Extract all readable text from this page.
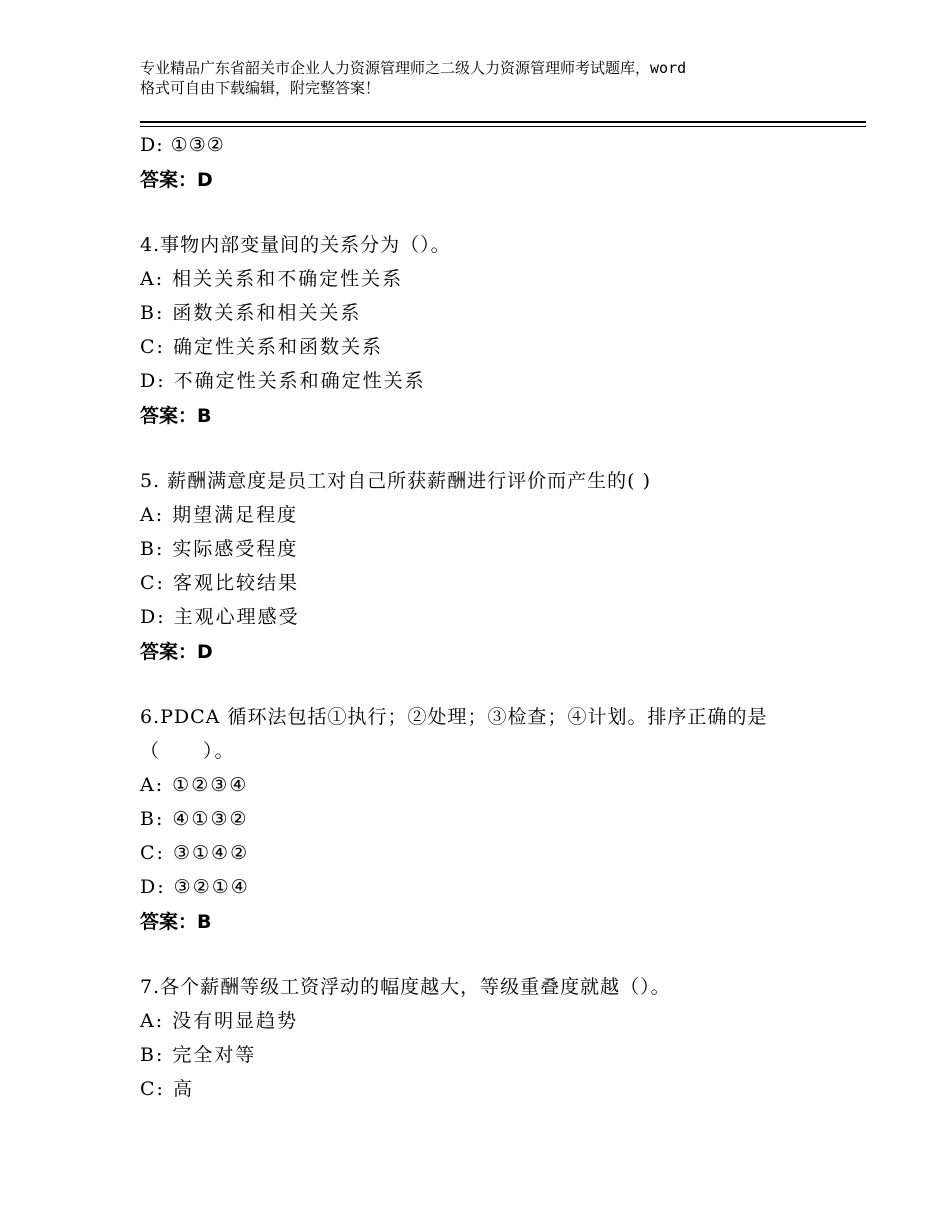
专业精品广东省韶关市企业人力资源管理师之二级人力资源管理师考试题库，word
格式可自由下载编辑，附完整答案！
D: ①③②
答案：D
4.事物内部变量间的关系分为（）。
A: 相关关系和不确定性关系
B: 函数关系和相关关系
C: 确定性关系和函数关系
D: 不确定性关系和确定性关系
答案：B
5. 薪酬满意度是员工对自己所获薪酬进行评价而产生的( )
A: 期望满足程度
B: 实际感受程度
C: 客观比较结果
D: 主观心理感受
答案：D
6.PDCA 循环法包括①执行；②处理；③检查；④计划。排序正确的是
（　　）。
A: ①②③④
B: ④①③②
C: ③①④②
D: ③②①④
答案：B
7.各个薪酬等级工资浮动的幅度越大，等级重叠度就越（）。
A: 没有明显趋势
B: 完全对等
C: 高
